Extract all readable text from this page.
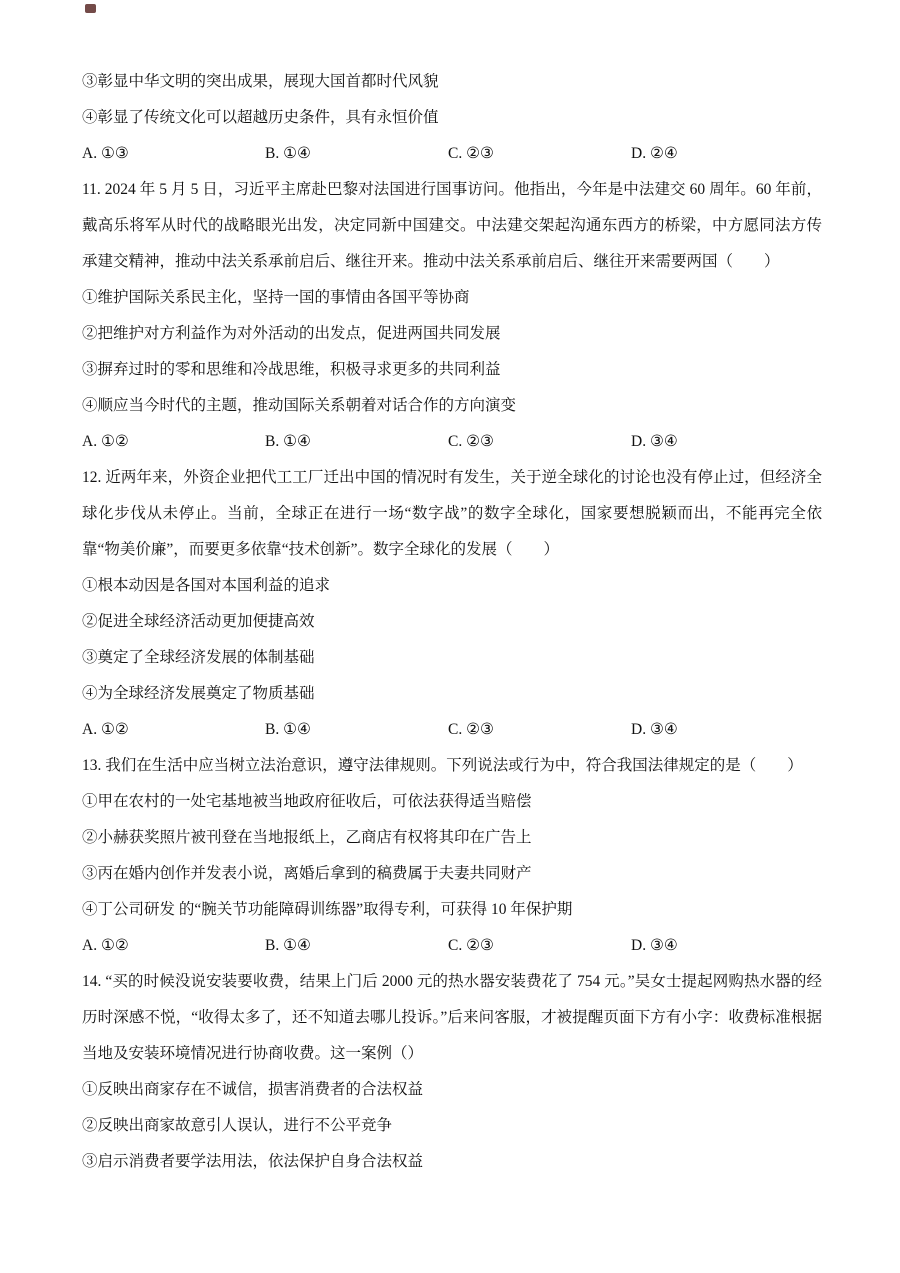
③彰显中华文明的突出成果，展现大国首都时代风貌

④彰显了传统文化可以超越历史条件，具有永恒价值

A. ①③	B. ①④	C. ②③	D. ②④

11. 2024 年 5 月 5 日，习近平主席赴巴黎对法国进行国事访问。他指出，今年是中法建交 60 周年。60 年前，戴高乐将军从时代的战略眼光出发，决定同新中国建交。中法建交架起沟通东西方的桥梁，中方愿同法方传承建交精神，推动中法关系承前启后、继往开来。推动中法关系承前启后、继往开来需要两国（　　）

①维护国际关系民主化，坚持一国的事情由各国平等协商

②把维护对方利益作为对外活动的出发点，促进两国共同发展

③摒弃过时的零和思维和冷战思维，积极寻求更多的共同利益

④顺应当今时代的主题，推动国际关系朝着对话合作的方向演变

A. ①②	B. ①④	C. ②③	D. ③④

12. 近两年来，外资企业把代工工厂迁出中国的情况时有发生，关于逆全球化的讨论也没有停止过，但经济全球化步伐从未停止。当前，全球正在进行一场“数字战”的数字全球化，国家要想脱颖而出，不能再完全依靠“物美价廉”，而要更多依靠“技术创新”。数字全球化的发展（　　）

①根本动因是各国对本国利益的追求

②促进全球经济活动更加便捷高效

③奠定了全球经济发展的体制基础

④为全球经济发展奠定了物质基础

A. ①②	B. ①④	C. ②③	D. ③④

13. 我们在生活中应当树立法治意识，遵守法律规则。下列说法或行为中，符合我国法律规定的是（　　）

①甲在农村的一处宅基地被当地政府征收后，可依法获得适当赔偿

②小赫获奖照片被刊登在当地报纸上，乙商店有权将其印在广告上

③丙在婚内创作并发表小说，离婚后拿到的稿费属于夫妻共同财产

④丁公司研发 的“腕关节功能障碍训练器”取得专利，可获得 10 年保护期

A. ①②	B. ①④	C. ②③	D. ③④

14. “买的时候没说安装要收费，结果上门后 2000 元的热水器安装费花了 754 元。”吴女士提起网购热水器的经历时深感不悦，“收得太多了，还不知道去哪儿投诉。”后来问客服，才被提醒页面下方有小字：收费标准根据当地及安装环境情况进行协商收费。这一案例（）

①反映出商家存在不诚信，损害消费者的合法权益

②反映出商家故意引人误认，进行不公平竞争

③启示消费者要学法用法，依法保护自身合法权益
